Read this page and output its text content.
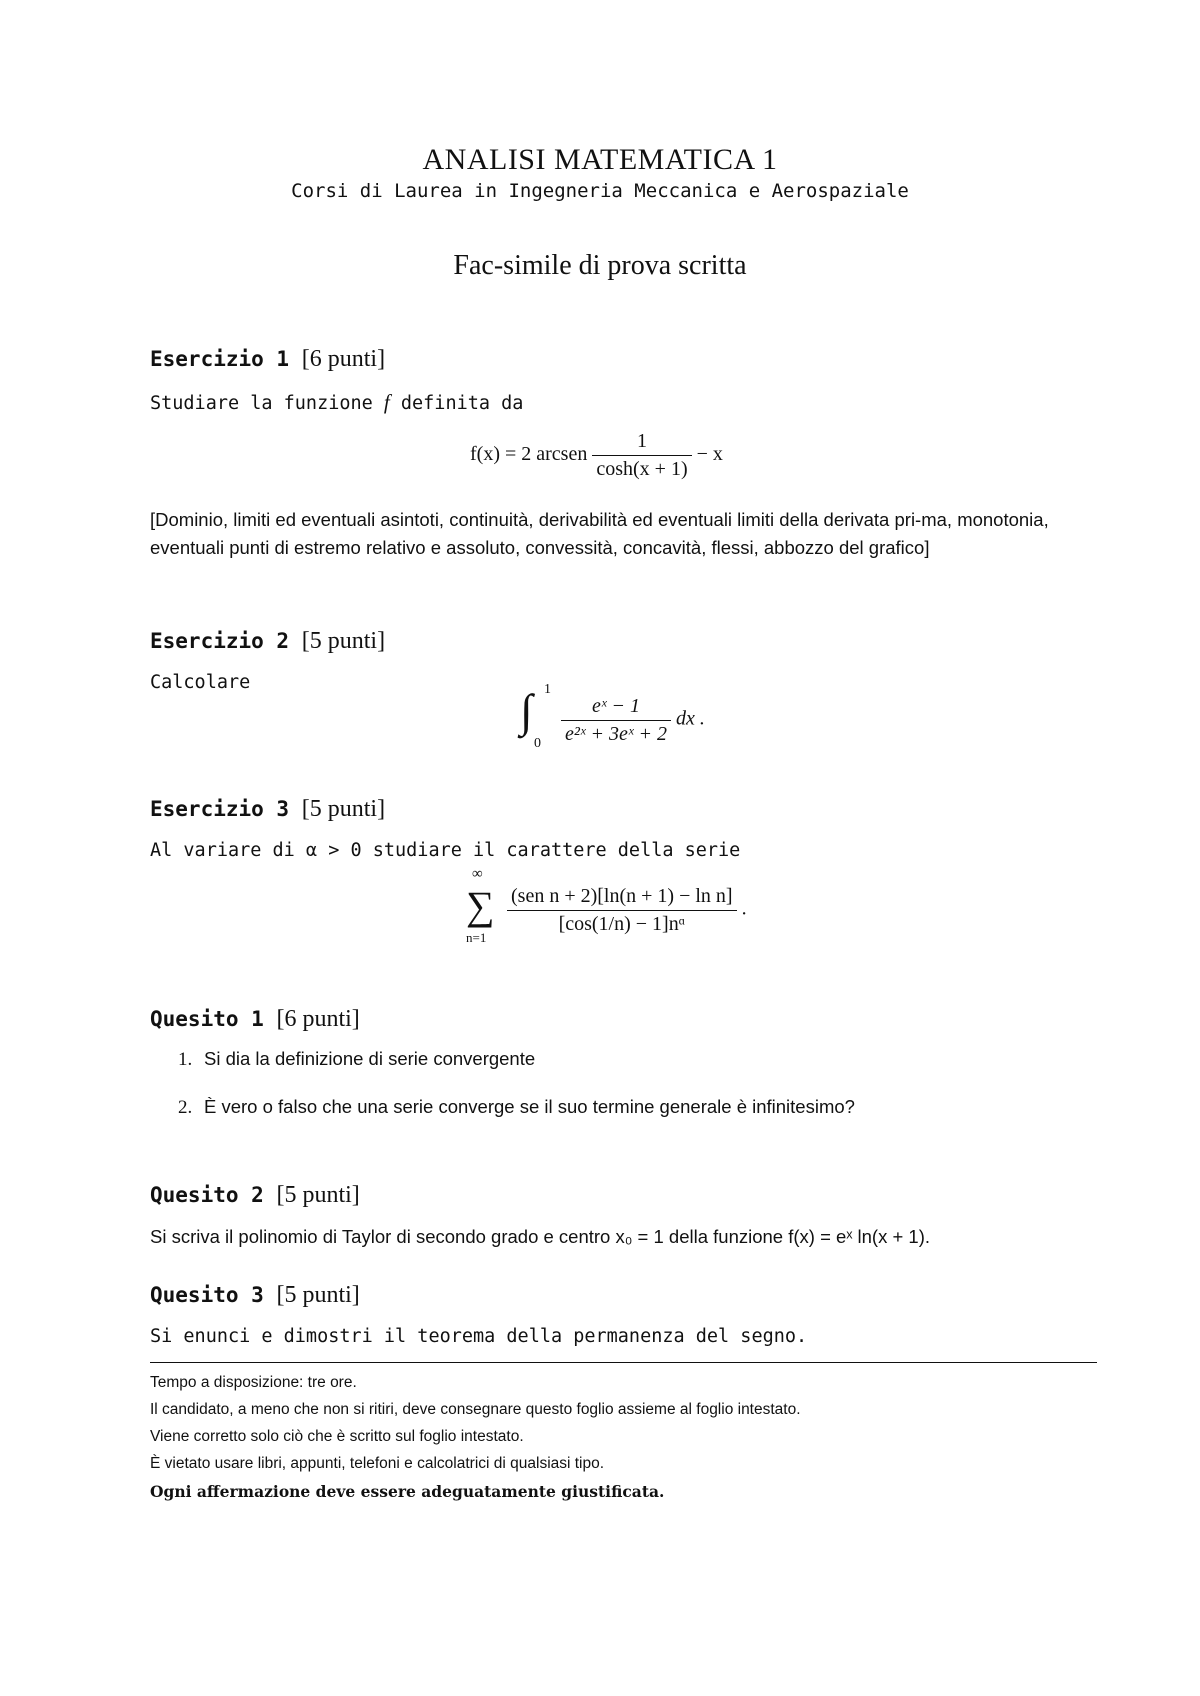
ANALISI MATEMATICA 1
Corsi di Laurea in Ingegneria Meccanica e Aerospaziale
Fac-simile di prova scritta
Esercizio 1 [6 punti]
Studiare la funzione f definita da
f(x) = 2 arcsen $\frac{1}{\cosh(x + 1)} - x$
[Dominio, limiti ed eventuali asintoti, continuità, derivabilità ed eventuali limiti della derivata pri-ma, monotonia, eventuali punti di estremo relativo e assoluto, convessità, concavità, flessi, abbozzo del grafico]
Esercizio 2 [5 punti]
Calcolare
∫ 1
0
$\frac{\text{eˣ − 1}}{\text{e²ˣ + 3eˣ + 2}}$ dx .
Esercizio 3 [5 punti]
Al variare di α > 0 studiare il carattere della serie
∞
∑
n=1

$\frac{\text{(sen n + 2)[ln(n + 1) − ln n]}}{\text{[cos(1/n) − 1]nᵅ}}$ .
Quesito 1 [6 punti]
1. Si dia la definizione di serie convergente
2. È vero o falso che una serie converge se il suo termine generale è infinitesimo?
Quesito 2 [5 punti]
Si scriva il polinomio di Taylor di secondo grado e centro x₀ = 1 della funzione f(x) = eˣ ln(x + 1).
Quesito 3 [5 punti]
Si enunci e dimostri il teorema della permanenza del segno.
Tempo a disposizione: tre ore.
Il candidato, a meno che non si ritiri, deve consegnare questo foglio assieme al foglio intestato.
Viene corretto solo ciò che è scritto sul foglio intestato.
È vietato usare libri, appunti, telefoni e calcolatrici di qualsiasi tipo.
Ogni affermazione deve essere adeguatamente giustificata.
